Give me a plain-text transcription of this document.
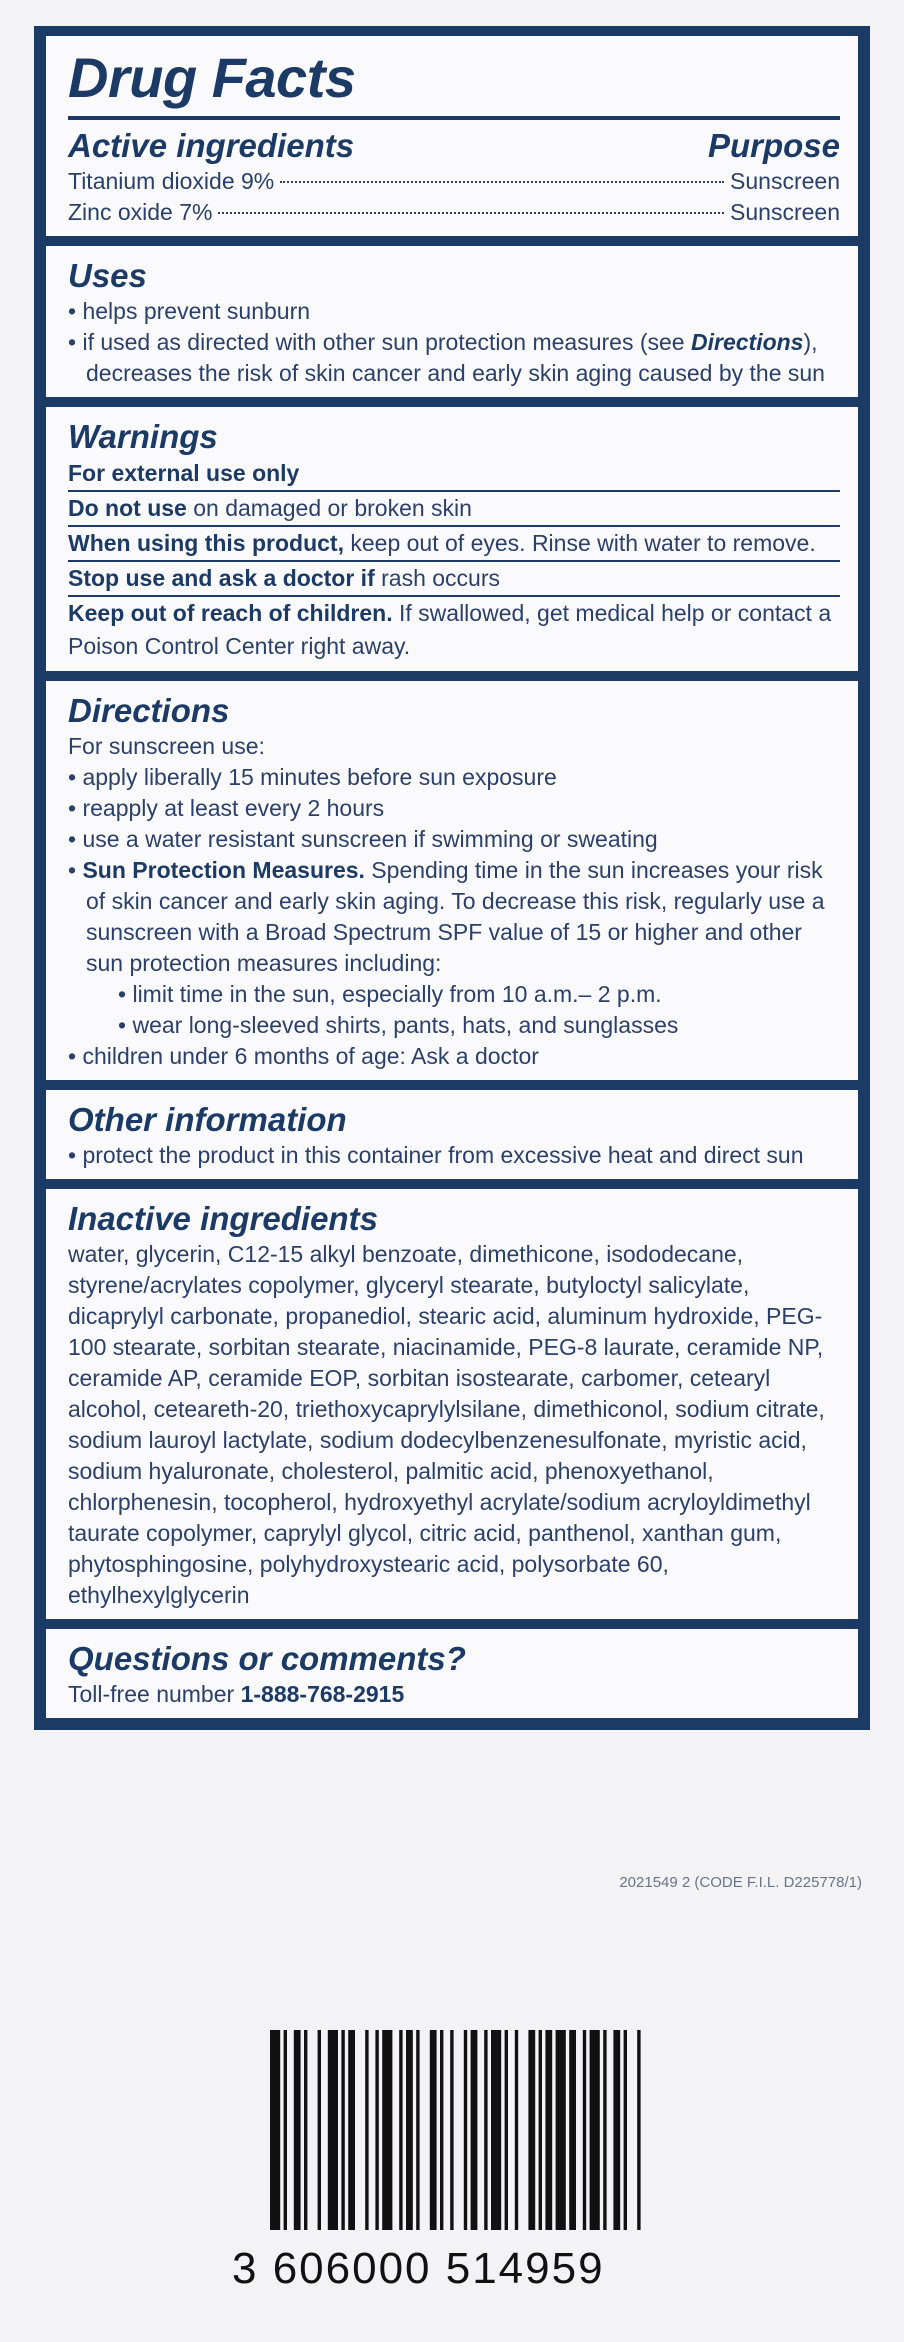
Drug Facts
Active ingredients	Purpose
Titanium dioxide 9%	Sunscreen
Zinc oxide 7%	Sunscreen
Uses
• helps prevent sunburn
• if used as directed with other sun protection measures (see Directions), decreases the risk of skin cancer and early skin aging caused by the sun
Warnings
For external use only
Do not use on damaged or broken skin
When using this product, keep out of eyes. Rinse with water to remove.
Stop use and ask a doctor if rash occurs
Keep out of reach of children. If swallowed, get medical help or contact a Poison Control Center right away.
Directions
For sunscreen use:
• apply liberally 15 minutes before sun exposure
• reapply at least every 2 hours
• use a water resistant sunscreen if swimming or sweating
• Sun Protection Measures. Spending time in the sun increases your risk of skin cancer and early skin aging. To decrease this risk, regularly use a sunscreen with a Broad Spectrum SPF value of 15 or higher and other sun protection measures including:
• limit time in the sun, especially from 10 a.m.– 2 p.m.
• wear long-sleeved shirts, pants, hats, and sunglasses
• children under 6 months of age: Ask a doctor
Other information
• protect the product in this container from excessive heat and direct sun
Inactive ingredients
water, glycerin, C12-15 alkyl benzoate, dimethicone, isododecane, styrene/acrylates copolymer, glyceryl stearate, butyloctyl salicylate, dicaprylyl carbonate, propanediol, stearic acid, aluminum hydroxide, PEG-100 stearate, sorbitan stearate, niacinamide, PEG-8 laurate, ceramide NP, ceramide AP, ceramide EOP, sorbitan isostearate, carbomer, cetearyl alcohol, ceteareth-20, triethoxycaprylylsilane, dimethiconol, sodium citrate, sodium lauroyl lactylate, sodium dodecylbenzenesulfonate, myristic acid, sodium hyaluronate, cholesterol, palmitic acid, phenoxyethanol, chlorphenesin, tocopherol, hydroxyethyl acrylate/sodium acryloyldimethyl taurate copolymer, caprylyl glycol, citric acid, panthenol, xanthan gum, phytosphingosine, polyhydroxystearic acid, polysorbate 60, ethylhexylglycerin
Questions or comments?
Toll-free number 1-888-768-2915
2021549 2 (CODE F.I.L. D225778/1)
3 606000 514959
